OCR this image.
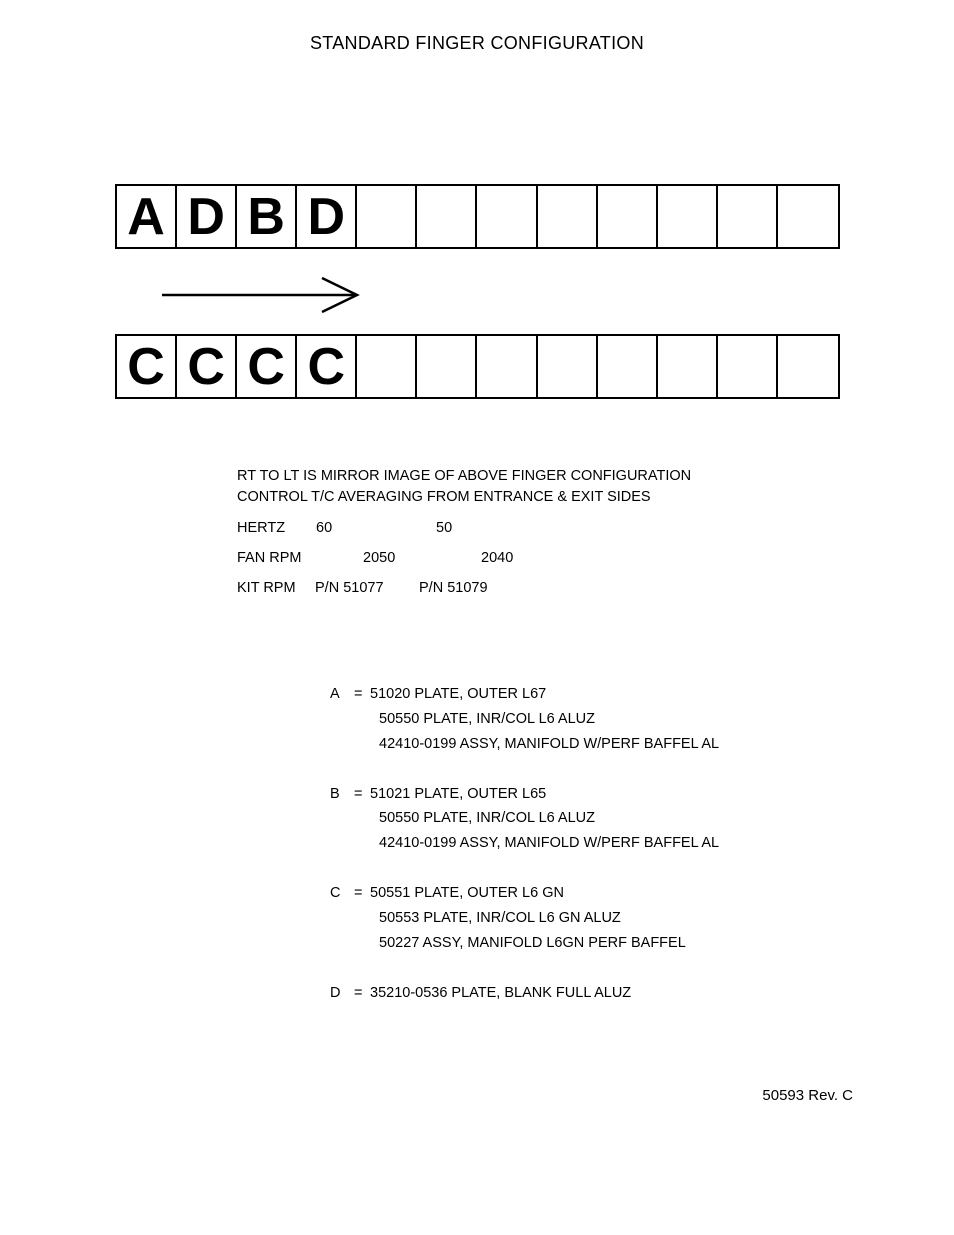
STANDARD FINGER CONFIGURATION
A D B D
C C C C
RT TO LT IS MIRROR IMAGE OF ABOVE FINGER CONFIGURATION
CONTROL T/C AVERAGING FROM ENTRANCE & EXIT SIDES
HERTZ 60	50
FAN RPM	2050	2040
KIT RPM P/N 51077 P/N 51079
A = 51020 PLATE, OUTER L67
50550 PLATE, INR/COL L6 ALUZ
42410-0199 ASSY, MANIFOLD W/PERF BAFFEL AL
B = 51021 PLATE, OUTER L65
50550 PLATE, INR/COL L6 ALUZ
42410-0199 ASSY, MANIFOLD W/PERF BAFFEL AL
C = 50551 PLATE, OUTER L6 GN
50553 PLATE, INR/COL L6 GN ALUZ
50227 ASSY, MANIFOLD L6GN PERF BAFFEL
D = 35210-0536 PLATE, BLANK FULL ALUZ
50593 Rev. C
